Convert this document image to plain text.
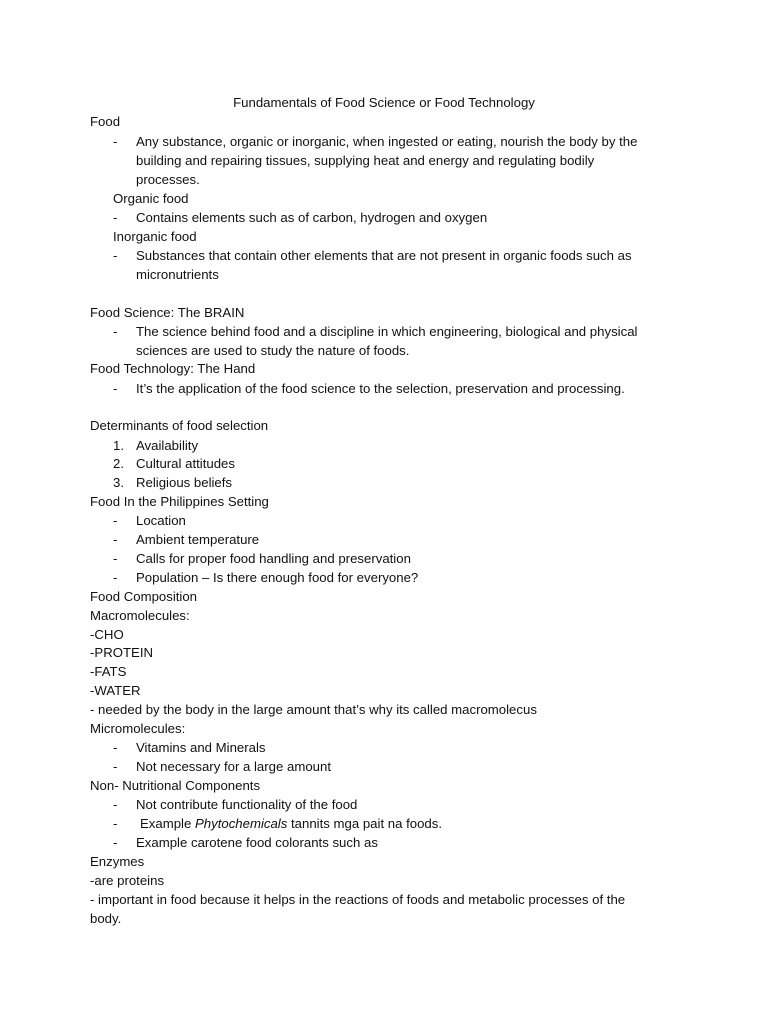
Fundamentals of Food Science or Food Technology
Food
- Any substance, organic or inorganic, when ingested or eating, nourish the body by the
building and repairing tissues, supplying heat and energy and regulating bodily
processes.
Organic food
- Contains elements such as of carbon, hydrogen and oxygen
Inorganic food
- Substances that contain other elements that are not present in organic foods such as
micronutrients
Food Science: The BRAIN
- The science behind food and a discipline in which engineering, biological and physical
sciences are used to study the nature of foods.
Food Technology: The Hand
- It’s the application of the food science to the selection, preservation and processing.
Determinants of food selection
1. Availability
2. Cultural attitudes
3. Religious beliefs
Food In the Philippines Setting
- Location
- Ambient temperature
- Calls for proper food handling and preservation
- Population – Is there enough food for everyone?
Food Composition
Macromolecules:
-CHO
-PROTEIN
-FATS
-WATER
- needed by the body in the large amount that’s why its called macromolecus
Micromolecules:
- Vitamins and Minerals
- Not necessary for a large amount
Non- Nutritional Components
- Not contribute functionality of the food
- Example Phytochemicals tannits mga pait na foods.
- Example carotene food colorants such as
Enzymes
-are proteins
- important in food because it helps in the reactions of foods and metabolic processes of the
body.
